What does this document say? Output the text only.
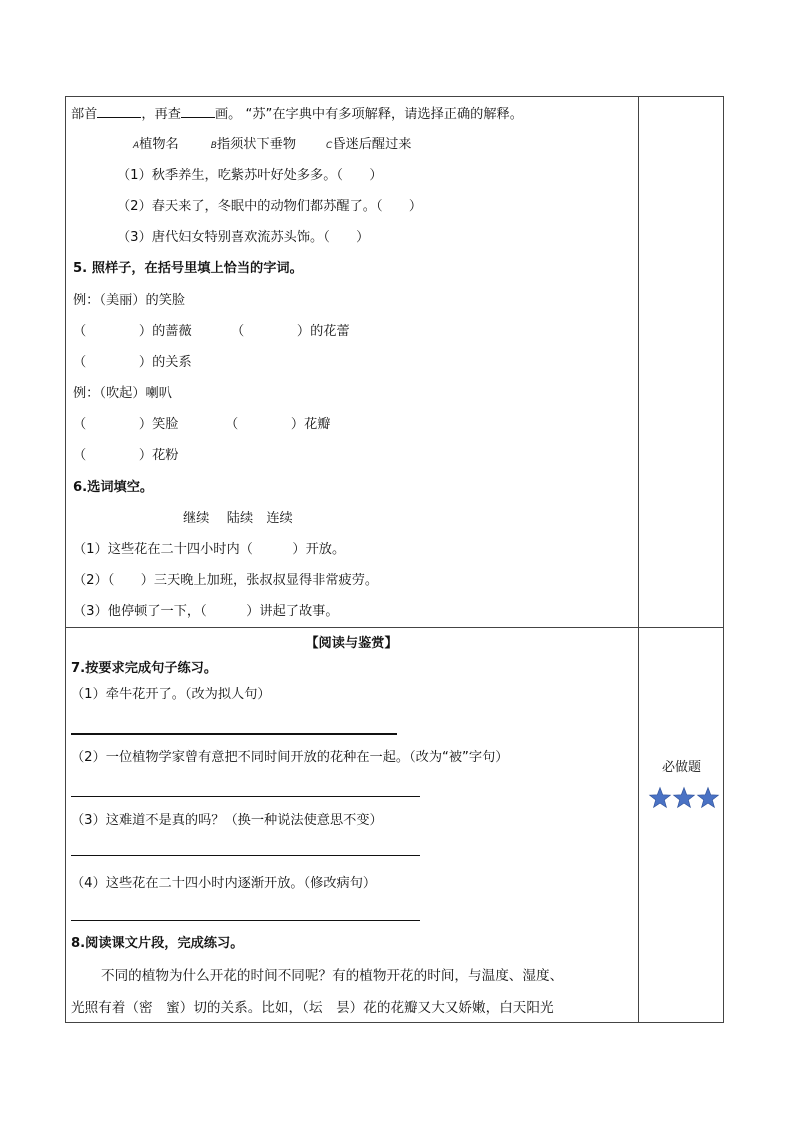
部首	，再查	画。 “苏”在字典中有多项解释，请选择正确的解释。
A植物名	B指须状下垂物	C昏迷后醒过来
（1）秋季养生，吃紫苏叶好处多多。（　　）
（2）春天来了，冬眠中的动物们都苏醒了。（　　）
（3）唐代妇女特别喜欢流苏头饰。（　　）
5. 照样子，在括号里填上恰当的字词。
例：（美丽）的笑脸
（　　　　）的蔷薇	（　　　　）的花蕾
（　　　　）的关系
例：（吹起）喇叭
（　　　　）笑脸	（　　　　）花瓣
（　　　　）花粉
6.选词填空。
继续　 陆续　连续
（1）这些花在二十四小时内（　　　）开放。
（2）（　　）三天晚上加班，张叔叔显得非常疲劳。
（3）他停顿了一下，（　　　）讲起了故事。
【阅读与鉴赏】
7.按要求完成句子练习。
（1）牵牛花开了。（改为拟人句）
（2）一位植物学家曾有意把不同时间开放的花种在一起。（改为“被”字句）
（3）这难道不是真的吗？（换一种说法使意思不变）
（4）这些花在二十四小时内逐渐开放。（修改病句）
8.阅读课文片段，完成练习。
不同的植物为什么开花的时间不同呢？有的植物开花的时间，与温度、湿度、
光照有着（密　蜜）切的关系。比如，（坛　昙）花的花瓣又大又娇嫩，白天阳光
必做题
